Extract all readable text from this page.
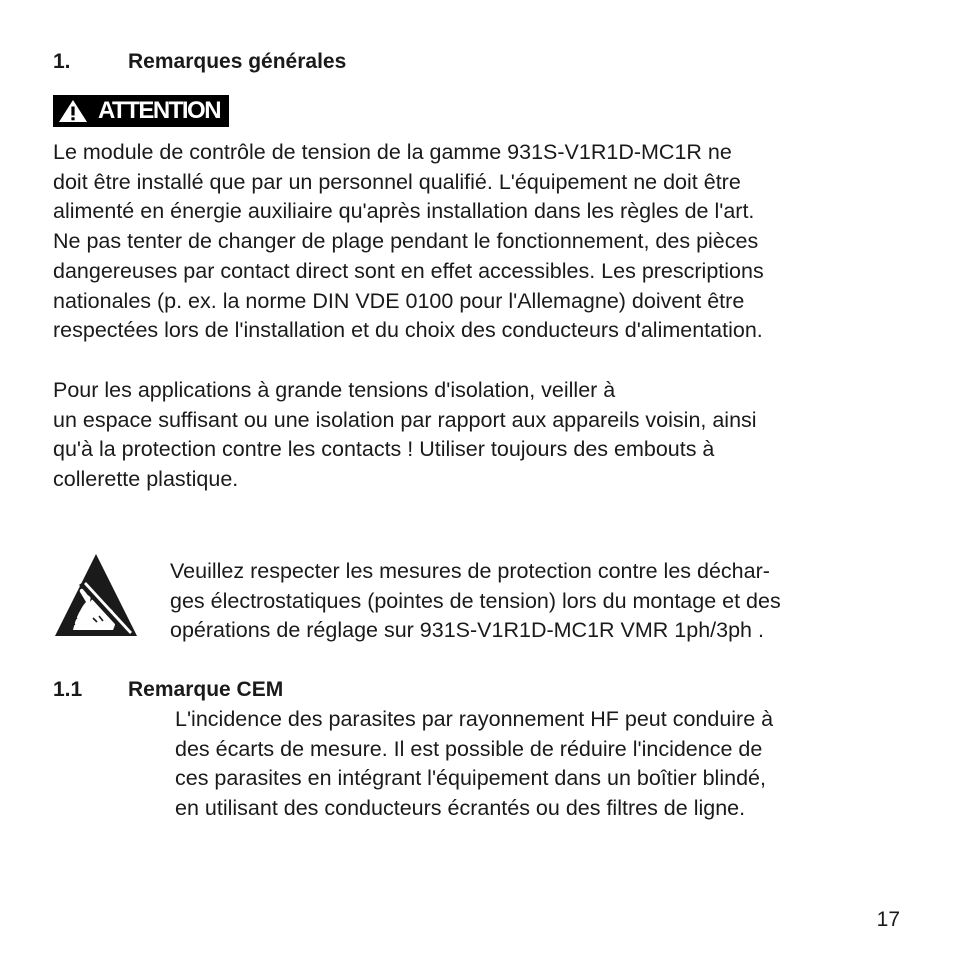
1.	Remarques générales
ATTENTION

Le module de contrôle de tension de la gamme 931S-V1R1D-MC1R ne
doit être installé que par un personnel qualifié. L'équipement ne doit être
alimenté en énergie auxiliaire qu'après installation dans les règles de l'art.
Ne pas tenter de changer de plage pendant le fonctionnement, des pièces
dangereuses par contact direct sont en effet accessibles. Les prescriptions
nationales (p. ex. la norme DIN VDE 0100 pour l'Allemagne) doivent être
respectées lors de l'installation et du choix des conducteurs d'alimentation.

Pour les applications à grande tensions d'isolation, veiller à
un espace suffisant ou une isolation par rapport aux appareils voisin, ainsi
qu'à la protection contre les contacts ! Utiliser toujours des embouts à
collerette plastique.

Veuillez respecter les mesures de protection contre les déchar-
ges électrostatiques (pointes de tension) lors du montage et des
opérations de réglage sur 931S-V1R1D-MC1R VMR 1ph/3ph .

1.1 Remarque CEM

L'incidence des parasites par rayonnement HF peut conduire à
des écarts de mesure. Il est possible de réduire l'incidence de
ces parasites en intégrant l'équipement dans un boîtier blindé,
en utilisant des conducteurs écrantés ou des filtres de ligne.

17
